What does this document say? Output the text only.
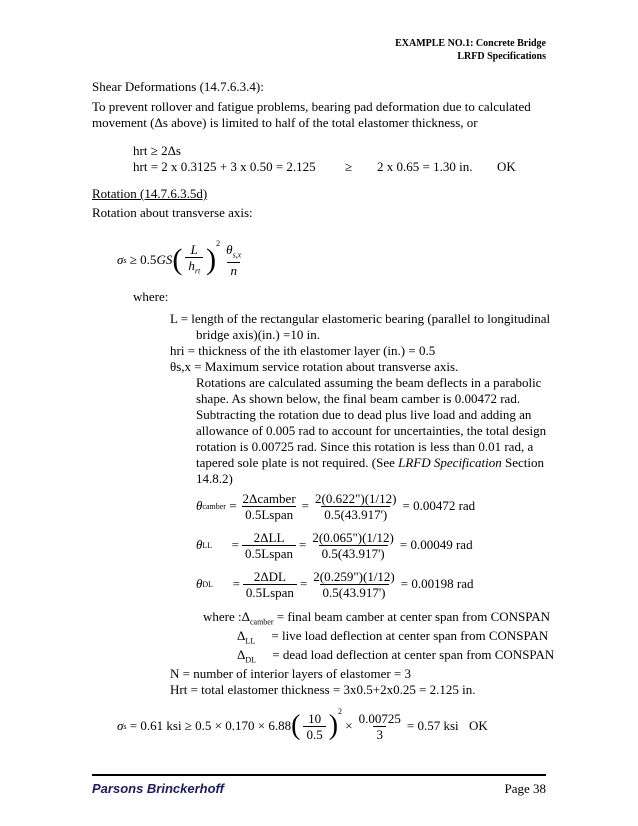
EXAMPLE NO.1: Concrete Bridge
LRFD Specifications
Shear Deformations (14.7.6.3.4):
To prevent rollover and fatigue problems, bearing pad deformation due to calculated
movement (Δs above) is limited to half of the total elastomer thickness, or
hrt ≥ 2Δs
hrt = 2 x 0.3125 + 3 x 0.50 = 2.125 ≥ 2 x 0.65 = 1.30 in. OK
Rotation (14.7.6.3.5d)
Rotation about transverse axis:
σ s ≥ 0.5 GS ( $\frac{L}{h_{rt}} )^2 \frac{\theta_{s,x}}{n}$
where:
L = length of the rectangular elastomeric bearing (parallel to longitudinal
bridge axis)(in.) =10 in.
hri = thickness of the ith elastomer layer (in.) = 0.5
θs,x = Maximum service rotation about transverse axis.
Rotations are calculated assuming the beam deflects in a parabolic
shape. As shown below, the final beam camber is 0.00472 rad.
Subtracting the rotation due to dead plus live load and adding an
allowance of 0.005 rad to account for uncertainties, the total design
rotation is 0.00725 rad. Since this rotation is less than 0.01 rad, a
tapered sole plate is not required. (See LRFD Specification Section
14.8.2)
θ camber = $\frac{\text{2Δcamber}}{\text{0.5Lspan}} = \frac{2(0.622")(1/12)}{0.5(43.917')} = 0.00472$ rad
θ LL = $\frac{\text{2ΔLL}}{\text{0.5Lspan}} = \frac{2(0.065")(1/12)}{0.5(43.917')} = 0.00049$ rad
θ DL = $\frac{\text{2ΔDL}}{\text{0.5Lspan}} = \frac{2(0.259")(1/12)}{0.5(43.917')} = 0.00198$ rad
where $:\Delta_{camber}$ = final beam camber at center span from CONSPAN
$\Delta_{LL}$ = live load deflection at center span from CONSPAN
$\Delta_{DL}$ = dead load deflection at center span from CONSPAN
N = number of interior layers of elastomer = 3
Hrt = total elastomer thickness = 3x0.5+2x0.25 = 2.125 in.
σ s
= 0.61 ksi ≥ 0.5 × 0.170 × 6.88 ( $\frac{10}{0.5} )^2$
× $\frac{0.00725}{3} = 0.57$ ksi OK
Parsons Brinckerhoff	Page 38
